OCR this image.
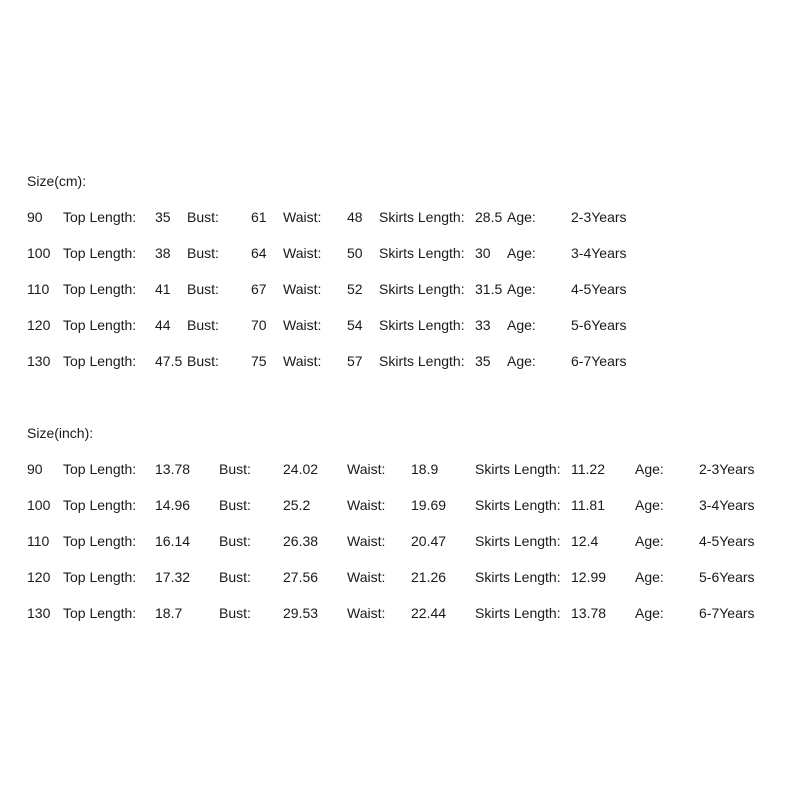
Size(cm):
90 Top Length: 35 Bust: 61 Waist: 48 Skirts Length: 28.5 Age:	2-3Years
100 Top Length: 38 Bust: 64 Waist: 50 Skirts Length: 30 Age:	3-4Years
110 Top Length: 41 Bust: 67 Waist: 52 Skirts Length: 31.5 Age:	4-5Years
120 Top Length: 44 Bust: 70 Waist: 54 Skirts Length: 33 Age:	5-6Years
130 Top Length: 47.5 Bust: 75 Waist: 57 Skirts Length: 35 Age:	6-7Years
Size(inch):
90 Top Length: 13.78 Bust: 24.02 Waist: 18.9	Skirts Length: 11.22 Age:	2-3Years
100 Top Length: 14.96 Bust: 25.2	Waist: 19.69 Skirts Length: 11.81 Age:	3-4Years
110 Top Length: 16.14 Bust: 26.38 Waist: 20.47 Skirts Length: 12.4	Age:	4-5Years
120 Top Length: 17.32 Bust: 27.56 Waist: 21.26 Skirts Length: 12.99 Age:	5-6Years
130 Top Length: 18.7	Bust: 29.53 Waist: 22.44 Skirts Length: 13.78 Age:	6-7Years
